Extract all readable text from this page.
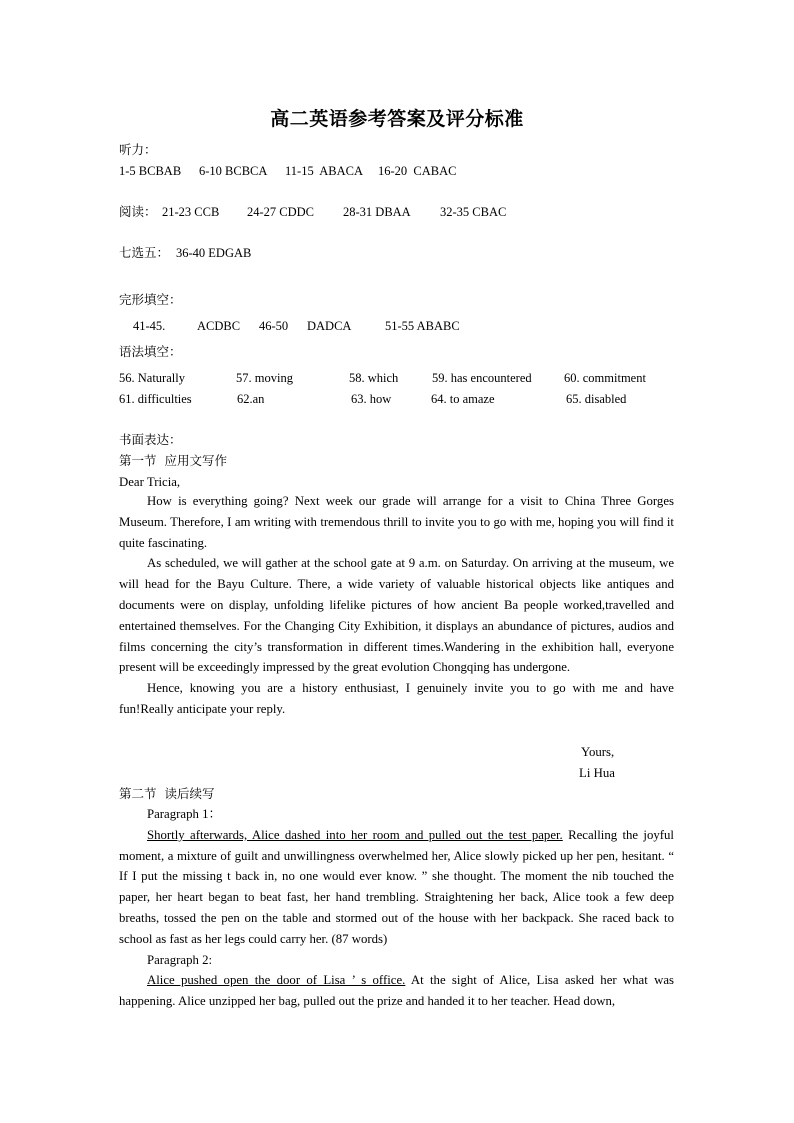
高二英语参考答案及评分标准
听力：
1-5 BCBAB 6-10 BCBCA 11-15  ABACA 16-20  CABAC
阅读： 21-23 CCB 24-27 CDDC 28-31 DBAA 32-35 CBAC
七选五： 36-40 EDGAB
完形填空：
41-45.	ACDBC 46-50 DADCA	51-55 ABABC
语法填空：
56. Naturally	57. moving	58. which	59. has encountered	60. commitment
61. difficulties	62.an	63. how	64. to amaze	65. disabled
书面表达：
第一节  应用文写作
Dear Tricia,

How is everything going? Next week our grade will arrange for a visit to China Three Gorges Museum. Therefore, I am writing with tremendous thrill to invite you to go with me, hoping you will find it quite fascinating.

As scheduled, we will gather at the school gate at 9 a.m. on Saturday. On arriving at the museum, we will head for the Bayu Culture. There, a wide variety of valuable historical objects like antiques and documents were on display, unfolding lifelike pictures of how ancient Ba people worked,travelled and entertained themselves. For the Changing City Exhibition, it displays an abundance of pictures, audios and films concerning the city’s transformation in different times.Wandering in the exhibition hall, everyone present will be exceedingly impressed by the great evolution Chongqing has undergone.

Hence, knowing you are a history enthusiast, I genuinely invite you to go with me and have fun!Really anticipate your reply.

Yours,
Li Hua
第二节  读后续写

Paragraph 1：

Shortly afterwards, Alice dashed into her room and pulled out the test paper. Recalling the joyful moment, a mixture of guilt and unwillingness overwhelmed her, Alice slowly picked up her pen, hesitant. “ If I put the missing t back in, no one would ever know. ” she thought. The moment the nib touched the paper, her heart began to beat fast, her hand trembling. Straightening her back, Alice took a few deep breaths, tossed the pen on the table and stormed out of the house with her backpack. She raced back to school as fast as her legs could carry her. (87 words)

Paragraph 2:

Alice pushed open the door of Lisa ’ s office. At the sight of Alice, Lisa asked her what was happening. Alice unzipped her bag, pulled out the prize and handed it to her teacher. Head down,
